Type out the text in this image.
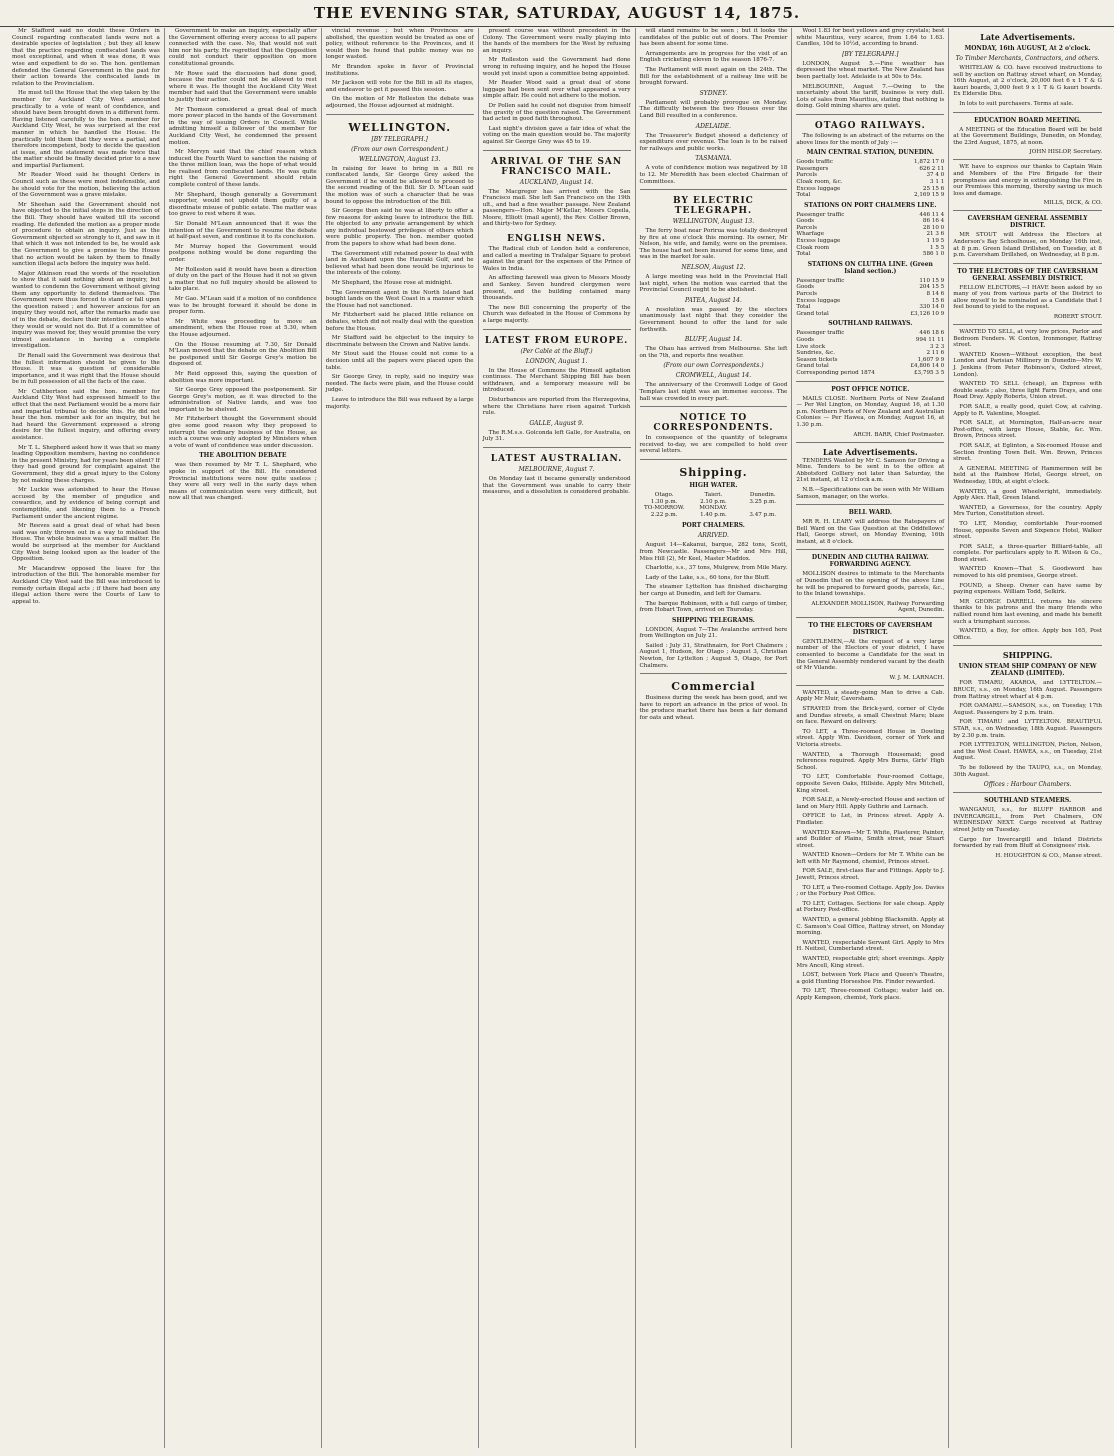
THE EVENING STAR, SATURDAY, AUGUST 14, 1875.

Mr Stafford said no doubt these Orders in Council regarding confiscated lands were not a desirable species of legislation ; but they all knew that the practice regarding confiscated lands was most exceptional, and when it was done, it was wise and expedient to do so. The hon. gentleman defended the General Government in the past for their action towards the confiscated lands in relation to the Provincialism.

He must tell the House that the step taken by the member for Auckland City West amounted practically to a vote of want of confidence, and should have been brought down in a different form. Having listened carefully to the hon. member for Auckland City West, he was surprised at the rest manner in which he handled the House. He practically told them that they were a partial, and therefore incompetent, body to decide the question at issue, and the statement was made twice that the matter should be finally decided prior to a new and impartial Parliament.

Mr Reader Wood said he thought Orders in Council such as these were most indefensible, and he should vote for the motion, believing the action of the Government was a grave mistake.

Mr Sheehan said the Government should not have objected to the initial steps in the direction of the Bill. They should have waited till its second reading. He defended the motion as a proper mode of procedure to obtain an inquiry. Just as the Government objected so strongly to it, and saw in it that which it was not intended to be, he would ask the Government to give a promise to the House that no action would be taken by them to finally sanction illegal acts before the inquiry was held.

Major Atkinson read the words of the resolution to show that it said nothing about an inquiry, but wanted to condemn the Government without giving them any opportunity to defend themselves. The Government were thus forced to stand or fall upon the question raised ; and however anxious for an inquiry they would not, after the remarks made use of in the debate, declare their intention as to what they would or would not do. But if a committee of inquiry was moved for, they would promise the very utmost assistance in having a complete investigation.

Dr Renall said the Government was desirous that the fullest information should be given to the House. It was a question of considerable importance, and it was right that the House should be in full possession of all the facts of the case.

Mr Cuthbertson said the hon. member for Auckland City West had expressed himself to the effect that the next Parliament would be a more fair and impartial tribunal to decide this. He did not hear the hon. member ask for an inquiry, but he had heard the Government expressed a strong desire for the fullest inquiry, and offering every assistance.

Mr T. L. Shepherd asked how it was that so many leading Opposition members, having no confidence in the present Ministry, had for years been silent? If they had good ground for complaint against the Government, they did a great injury to the Colony by not making these charges.

Mr Luckie was astonished to hear the House accused by the member of prejudice and cowardice, and by evidence of being corrupt and contemptible, and likening them to a French Parliament under the ancient régime.

Mr Reeves said a great deal of what had been said was only thrown out in a way to mislead the House. The whole business was a small matter. He would be surprised at the member for Auckland City West being looked upon as the leader of the Opposition.

Mr Macandrew opposed the leave for the introduction of the Bill. The honorable member for Auckland City West said the Bill was introduced to remedy certain illegal acts ; if there had been any illegal action there were the Courts of Law to appeal to.

Government to make an inquiry, especially after the Government offering every access to all papers connected with the case. No, that would not suit him nor his party. He regretted that the Opposition could not conduct their opposition on more constitutional grounds.

Mr Rowe said the discussion had done good, because the matter could not be allowed to rest where it was. He thought the Auckland City West member had said that the Government were unable to justify their action.

Mr Thomson considered a great deal of much more power placed in the hands of the Government in the way of issuing Orders in Council. While admitting himself a follower of the member for Auckland City West, he condemned the present motion.

Mr Mervyn said that the chief reason which induced the Fourth Ward to sanction the raising of the three million loan, was the hope of what would be realised from confiscated lands. He was quite right the General Government should retain complete control of these lands.

Mr Shephard, though generally a Government supporter, would not uphold them guilty of a disordinate misuse of public estate. The matter was too grave to rest where it was.

Sir Donald M'Lean announced that it was the intention of the Government to resume the debate at half-past seven, and continue it to its conclusion.

Mr Murray hoped the Government would postpone nothing would be done regarding the order.

Mr Rolleston said it would have been a direction of duty on the part of the House had it not so given a matter that no full inquiry should be allowed to take place.

Mr Gao. M'Lean said if a motion of no confidence was to be brought forward it should be done in proper form.

Mr White was proceeding to move an amendment, when the House rose at 5.30, when the House adjourned.

On the House resuming at 7.30, Sir Donald M'Lean moved that the debate on the Abolition Bill be postponed until Sir George Grey's motion be disposed of.

Mr Reid opposed this, saying the question of abolition was more important.

Sir George Grey opposed the postponement. Sir George Grey's motion, as it was directed to the administration of Native lands, and was too important to be shelved.

Mr Fitzherbert thought the Government should give some good reason why they proposed to interrupt the ordinary business of the House, as such a course was only adopted by Ministers when a vote of want of confidence was under discussion.

THE ABOLITION DEBATE

was then resumed by Mr T. L. Shephard, who spoke in support of the Bill. He considered Provincial institutions were now quite useless ; they were all very well in the early days when means of communication were very difficult, but now all that was changed.

vincial revenue ; but when Provinces are abolished, the question would be treated as one of policy, without reference to the Provinces, and it would then be found that public money was no longer wasted.

Mr Brandon spoke in favor of Provincial institutions.

Mr Jackson will vote for the Bill in all its stages, and endeavor to get it passed this session.

On the motion of Mr Rolleston the debate was adjourned, the House adjourned at midnight.

WELLINGTON.
[BY TELEGRAPH.]
(From our own Correspondent.)
WELLINGTON, August 13.

In raising for leave to bring in a Bill re confiscated lands, Sir George Grey asked the Government if he would be allowed to proceed to the second reading of the Bill. Sir D. M'Lean said the motion was of such a character that he was bound to oppose the introduction of the Bill.

Sir George then said he was at liberty to offer a few reasons for asking leave to introduce the Bill. He objected to any private arrangement by which any individual bestowed privileges of others which were public property. The hon. member quoted from the papers to show what had been done.

The Government still retained power to deal with land in Auckland upon the Hauraki Gulf, and he believed what had been done would be injurious to the interests of the colony.

Mr Shephard, the House rose at midnight.

The Government agent in the North Island had bought lands on the West Coast in a manner which the House had not sanctioned.

Mr Fitzherbert said he placed little reliance on debates, which did not really deal with the question before the House.

Mr Stafford said he objected to the inquiry to discriminate between the Crown and Native lands.

Mr Stout said the House could not come to a decision until all the papers were placed upon the table.

Sir George Grey, in reply, said no inquiry was needed. The facts were plain, and the House could judge.

Leave to introduce the Bill was refused by a large majority.

present course was without precedent in the Colony. The Government were really playing into the hands of the members for the West by refusing an inquiry.

Mr Rolleston said the Government had done wrong in refusing inquiry, and he hoped the House would yet insist upon a committee being appointed.

Mr Reader Wood said a great deal of stone luggage had been sent over what appeared a very simple affair. He could not adhere to the motion.

Dr Pollen said he could not disguise from himself the gravity of the question raised. The Government had acted in good faith throughout.

Last night's division gave a fair idea of what the voting on the main question would be. The majority against Sir George Grey was 45 to 19.

ARRIVAL OF THE SAN FRANCISCO MAIL.
AUCKLAND, August 14.

The Macgregor has arrived with the San Francisco mail. She left San Francisco on the 19th ult., and had a fine weather passage. New Zealand passengers—Hon. Major M'Kellar, Messrs Copeila, Moore, Elliott (mail agent), the Rev. Collier Brown, and thirty-two for Sydney.

ENGLISH NEWS.

The Radical club of London held a conference, and called a meeting in Trafalgar Square to protest against the grant for the expenses of the Prince of Wales in India.

An affecting farewell was given to Messrs Moody and Sankey. Seven hundred clergymen were present, and the building contained many thousands.

The new Bill concerning the property of the Church was defeated in the House of Commons by a large majority.

LATEST FROM EUROPE.
(Per Cable at the Bluff.)
LONDON, August 1.

In the House of Commons the Plimsoll agitation continues. The Merchant Shipping Bill has been withdrawn, and a temporary measure will be introduced.

Disturbances are reported from the Herzegovina, where the Christians have risen against Turkish rule.

GALLE, August 9.

The R.M.s.s. Golconda left Galle, for Australia, on July 31.

LATEST AUSTRALIAN.
MELBOURNE, August 7.

On Monday last it became generally understood that the Government was unable to carry their measures, and a dissolution is considered probable.

will stand remains to be seen ; but it looks the candidates of the public out of doors. The Premier has been absent for some time.

Arrangements are in progress for the visit of an English cricketing eleven to the season 1876-7.

The Parliament will meet again on the 24th. The Bill for the establishment of a railway line will be brought forward.

SYDNEY.

Parliament will probably prorogue on Monday. The difficulty between the two Houses over the Land Bill resulted in a conference.

ADELAIDE.

The Treasurer's Budget showed a deficiency of expenditure over revenue. The loan is to be raised for railways and public works.

TASMANIA.

A vote of confidence motion was negatived by 18 to 12. Mr Meredith has been elected Chairman of Committees.

BY ELECTRIC TELEGRAPH.
WELLINGTON, August 13.

The ferry boat near Porirua was totally destroyed by fire at one o'clock this morning. Its owner, Mr Nelson, his wife, and family, were on the premises. The house had not been insured for some time, and was in the market for sale.

NELSON, August 12.

A large meeting was held in the Provincial Hall last night, when the motion was carried that the Provincial Council ought to be abolished.

PATEA, August 14.

A resolution was passed by the electors unanimously last night that they consider the Government bound to offer the land for sale forthwith.

BLUFF, August 14.

The Ohau has arrived from Melbourne. She left on the 7th, and reports fine weather.

(From our own Correspondents.)
CROMWELL, August 14.

The anniversary of the Cromwell Lodge of Good Templars last night was an immense success. The hall was crowded in every part.

NOTICE TO CORRESPONDENTS.

In consequence of the quantity of telegrams received to-day, we are compelled to hold over several letters.

Shipping.
HIGH WATER.
Otago.	Taieri.	Dunedin.
1.30 p.m.	2.10 p.m.	3.25 p.m.
TO-MORROW.	MONDAY.
2.22 p.m.	1.40 p.m.	3.47 p.m.
PORT CHALMERS.
ARRIVED.

August 14—Kakanui, barque, 282 tons, Scott, from Newcastle. Passengers—Mr and Mrs Hill, Miss Hill (2), Mr Keel, Master Maddox.

Charlotte, s.s., 37 tons, Mulgrew, from Mile Mary.

Lady of the Lake, s.s., 60 tons, for the Bluff.

The steamer Lyttelton has finished discharging her cargo at Dunedin, and left for Oamaru.

The barque Robinson, with a full cargo of timber, from Hobart Town, arrived on Thursday.

SHIPPING TELEGRAMS.

LONDON, August 7—The Avalanche arrived here from Wellington on July 21.

Sailed : July 31, Strathnairn, for Port Chalmers ; August 1, Hudson, for Otago ; August 3, Christian Newton, for Lyttelton ; August 5, Otago, for Port Chalmers.

Commercial

Business during the week has been good, and we have to report an advance in the price of wool. In the produce market there has been a fair demand for oats and wheat.

Wool 1.83 for best yellows and grey crystals; best white Mauritius, very scarce, from 1.64 to 1.63. Candles, 10d to 10½d, according to brand.

[BY TELEGRAPH.]

LONDON, August 5.—Fine weather has depressed the wheat market. The New Zealand has been partially lost. Adelaide is at 50s to 54s.

MELBOURNE, August 7.—Owing to the uncertainty about the tariff, business is very dull. Lots of sales from Mauritius, stating that nothing is doing. Gold mining shares are quiet.

OTAGO RAILWAYS.

The following is an abstract of the returns on the above lines for the month of July :—

MAIN CENTRAL STATION, DUNEDIN.
Goods traffic	1,872 17 0
Passengers	626 2 11
Parcels	37 4 0
Cloak room, &c.	3 1 1
Excess luggage	25 15 6
Total	2,169 15 9
STATIONS ON PORT CHALMERS LINE.
Passenger traffic	446 11 4
Goods	86 16 4
Parcels	28 10 0
Wharfage	21 3 6
Excess luggage	1 19 5
Cloak room	1 5 5
Total	586 1 0
STATIONS ON CLUTHA LINE. (Green Island section.)
Passenger traffic	110 15 9
Goods	204 15 5
Parcels	8 14 6
Excess luggage	15 6
Total	330 14 0
Grand total	£3,126 10 9
SOUTHLAND RAILWAYS.
Passenger traffic	446 18 6
Goods	994 11 11
Live stock	3 2 3
Sundries, &c.	2 11 6
Season tickets	1,607 9 9
Grand total	£4,806 14 0
Corresponding period 1874	£3,795 3 5
POST OFFICE NOTICE.

MAILS CLOSE. Northern Ports of New Zealand — Per Wel Lington, on Monday, August 16, at 1.30 p.m. Northern Ports of New Zealand and Australian Colonies — Per Hawea, on Monday, August 16, at 1.30 p.m.

ARCH. BARR, Chief Postmaster.
Late Advertisements.

TENDERS Wanted by Mr C. Samson for Driving a Mine. Tenders to be sent in to the office at Abbotsford Colliery not later than Saturday, the 21st instant, at 12 o'clock a.m.

N.B.—Specifications can be seen with Mr William Samson, manager, on the works.

BELL WARD.

MR R. H. LEARY will address the Ratepayers of Bell Ward on the Gas Question at the Oddfellows' Hall, George street, on Monday Evening, 16th instant, at 8 o'clock.

DUNEDIN AND CLUTHA RAILWAY. FORWARDING AGENCY.

MOLLISON desires to intimate to the Merchants of Dunedin that on the opening of the above Line he will be prepared to forward goods, parcels, &c., to the Inland townships.

ALEXANDER MOLLISON, Railway Forwarding Agent, Dunedin.
TO THE ELECTORS OF CAVERSHAM DISTRICT.

GENTLEMEN,—At the request of a very large number of the Electors of your district, I have consented to become a Candidate for the seat in the General Assembly rendered vacant by the death of Mr Vilande.

W. J. M. LARNACH.

WANTED, a steady-going Man to drive a Cab. Apply Mr Muir, Caversham.

STRAYED from the Brick-yard, corner of Clyde and Dundas streets, a small Chestnut Mare; blaze on face. Reward on delivery.

TO LET, a Three-roomed House in Dowling street. Apply Wm. Davidson, corner of York and Victoria streets.

WANTED, a Thorough Housemaid; good references required. Apply Mrs Burns, Girls' High School.

TO LET, Comfortable Four-roomed Cottage, opposite Seven Oaks, Hillside. Apply Mrs Mitchell, King street.

FOR SALE, a Newly-erected House and section of land on Mary Hill. Apply Guthrie and Larnach.

OFFICE to Let, in Princes street. Apply A. Findlater.

WANTED Known—Mr T. White, Plasterer, Painter, and Builder of Plains, Smith street, near Stuart street.

WANTED Known—Orders for Mr T. White can be left with Mr Raymond, chemist, Princes street.

FOR SALE, first-class Bar and Fittings. Apply to J. Jewett, Princes street.

TO LET, a Two-roomed Cottage. Apply Jos. Davies ; or the Forbury Post Office.

TO LET, Cottages. Sections for sale cheap. Apply at Forbury Post-office.

WANTED, a general jobbing Blacksmith. Apply at C. Samson's Coal Office, Rattray street, on Monday morning.

WANTED, respectable Servant Girl. Apply to Mrs H. Neitzel, Cumberland street.

WANTED, respectable girl; short evenings. Apply Mrs Ancell, King street.

LOST, between York Place and Queen's Theatre, a gold Hunting Horseshoe Pin. Finder rewarded.

TO LET, Three-roomed Cottage; water laid on. Apply Kempson, chemist, York place.

Late Advertisements.
MONDAY, 16th AUGUST, At 2 o'clock.
To Timber Merchants, Contractors, and others.

WHITELAW & CO. have received instructions to sell by auction on Rattray street wharf, on Monday, 16th August, at 2 o'clock, 20,000 feet 6 x 1 T & G kauri boards, 3,000 feet 9 x 1 T & G kauri boards. Ex Elderslie Dhu.

In lots to suit purchasers. Terms at sale.

EDUCATION BOARD MEETING.

A MEETING of the Education Board will be held at the Government Buildings, Dunedin, on Monday, the 23rd August, 1875, at noon.

JOHN HISLOP, Secretary.

WE have to express our thanks to Captain Wain and Members of the Fire Brigade for their promptness and energy in extinguishing the Fire in our Premises this morning, thereby saving us much loss and damage.

MILLS, DICK, & CO.
CAVERSHAM GENERAL ASSEMBLY DISTRICT.

MR STOUT will Address the Electors at Anderson's Bay Schoolhouse, on Monday 16th inst, at 8 p.m. Green Island Drillshed, on Tuesday, at 8 p.m. Caversham Drillshed, on Wednesday, at 8 p.m.

TO THE ELECTORS OF THE CAVERSHAM GENERAL ASSEMBLY DISTRICT.

FELLOW ELECTORS,—I HAVE been asked by so many of you from various parts of the District to allow myself to be nominated as a Candidate that I feel bound to yield to the request.

ROBERT STOUT.

WANTED TO SELL, at very low prices, Parlor and Bedroom Fenders. W. Conton, Ironmonger, Rattray street.

WANTED Known—Without exception, the best London and Parisian Millinery in Dunedin—Mrs W. J. Jenkins (from Peter Robinson's, Oxford street, London).

WANTED TO SELL (cheap), an Express with double seats ; also, three light Farm Drays, and one Road Dray. Apply Roberts, Union street.

FOR SALE, a really good, quiet Cow, at calving. Apply to R. Valentine, Mosgiel.

FOR SALE, at Mornington, Half-an-acre near Post-office, with large House, Stable, &c. Wm. Brown, Princes street.

FOR SALE, at Eglinton, a Six-roomed House and Section fronting Town Belt. Wm. Brown, Princes street.

A GENERAL MEETING of Hammermen will be held at the Rainbow Hotel, George street, on Wednesday, 18th, at eight o'clock.

WANTED, a good Wheelwright, immediately. Apply Alex. Hall, Green Island.

WANTED, a Governess, for the country. Apply Mrs Turton, Constitution street.

TO LET, Monday, comfortable Four-roomed House, opposite Seven and Sixpence Hotel, Walker street.

FOR SALE, a three-quarter Billiard-table, all complete. For particulars apply to R. Wilson & Co., Bond street.

WANTED Known—That S. Goodsword has removed to his old premises, George street.

FOUND, a Sheep. Owner can have same by paying expenses. William Todd, Selkirk.

MR GEORGE DARRELL returns his sincere thanks to his patrons and the many friends who rallied round him last evening, and made his benefit such a triumphant success.

WANTED, a Boy, for office. Apply box 165, Post Office.

SHIPPING.
UNION STEAM SHIP COMPANY OF NEW ZEALAND (LIMITED).

FOR TIMARU, AKAROA, and LYTTELTON.—BRUCE, s.s., on Monday, 16th August. Passengers from Rattray street wharf at 4 p.m.

FOR OAMARU.—SAMSON, s.s., on Tuesday, 17th August. Passengers by 2 p.m. train.

FOR TIMARU and LYTTELTON. BEAUTIFUL STAR, s.s., on Wednesday, 18th August. Passengers by 2.30 p.m. train.

FOR LYTTELTON, WELLINGTON, Picton, Nelson, and the West Coast. HAWEA, s.s., on Tuesday, 21st August.

To be followed by the TAUPO, s.s., on Monday, 30th August.

Offices : Harbour Chambers.
SOUTHLAND STEAMERS.

WANGANUI, s.s., for BLUFF HARBOR and INVERCARGILL, from Port Chalmers, ON WEDNESDAY NEXT. Cargo received at Rattray street Jetty on Tuesday.

Cargo for Invercargill and Inland Districts forwarded by rail from Bluff at Consignees' risk.

H. HOUGHTON & CO., Manse street.
